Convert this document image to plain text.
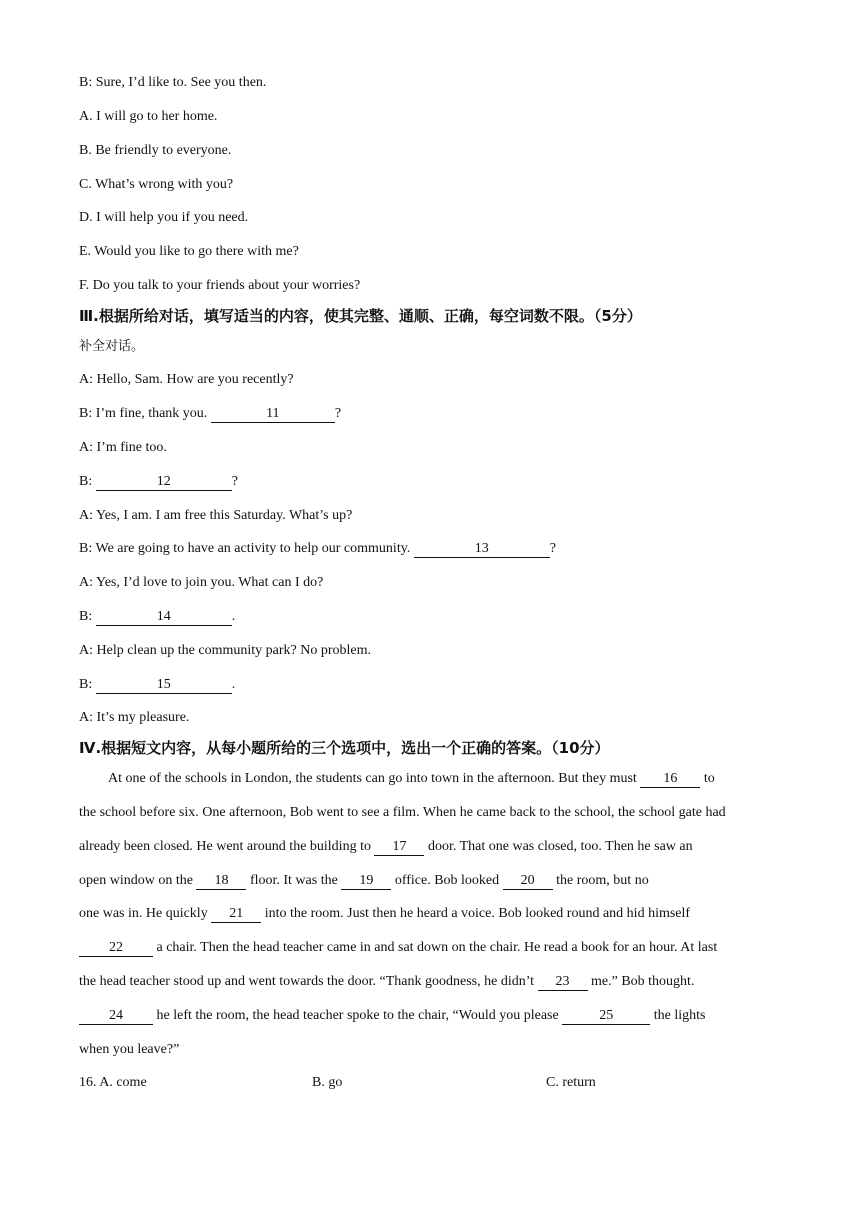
B: Sure, I’d like to. See you then.
A. I will go to her home.
B. Be friendly to everyone.
C. What’s wrong with you?
D. I will help you if you need.
E. Would you like to go there with me?
F. Do you talk to your friends about your worries?
Ⅲ.根据所给对话，填写适当的内容，使其完整、通顺、正确，每空词数不限。（5分）
补全对话。
A: Hello, Sam. How are you recently?
B: I’m fine, thank you.	11	?
A: I’m fine too.
B:	12	?
A: Yes, I am. I am free this Saturday. What’s up?
B: We are going to have an activity to help our community.	13	?
A: Yes, I’d love to join you. What can I do?
B:	14	.
A: Help clean up the community park? No problem.
B:	15	.
A: It’s my pleasure.
Ⅳ.根据短文内容，从每小题所给的三个选项中，选出一个正确的答案。（10分）
At one of the schools in London, the students can go into town in the afternoon. But they must 16 to
the school before six. One afternoon, Bob went to see a film. When he came back to the school, the school gate had
already been closed. He went around the building to 17 door. That one was closed, too. Then he saw an
open window on the 18 floor. It was the 19 office. Bob looked 20 the room, but no
one was in. He quickly 21 into the room. Just then he heard a voice. Bob looked round and hid himself
22 a chair. Then the head teacher came in and sat down on the chair. He read a book for an hour. At last
the head teacher stood up and went towards the door. “Thank goodness, he didn’t 23 me.” Bob thought.
24 he left the room, the head teacher spoke to the chair, “Would you please	25	the lights
when you leave?”
16. A. come	B. go	C. return
